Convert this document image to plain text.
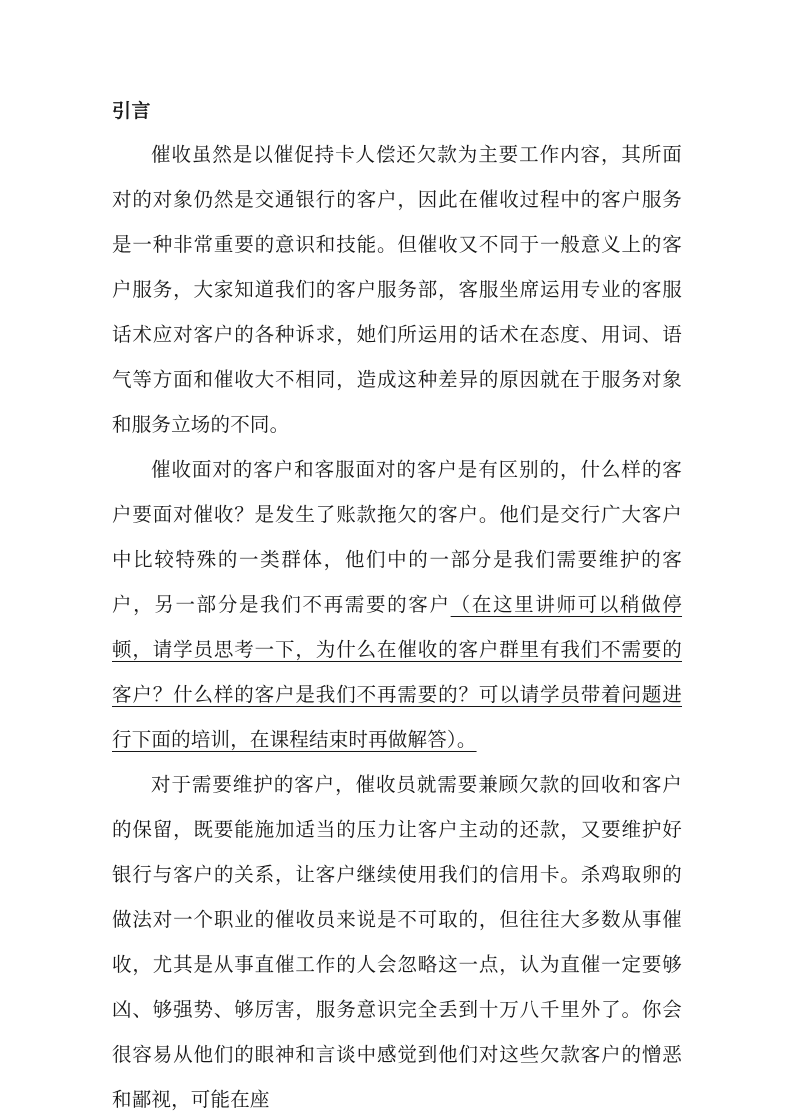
引言

催收虽然是以催促持卡人偿还欠款为主要工作内容，其所面对的对象仍然是交通银行的客户，因此在催收过程中的客户服务是一种非常重要的意识和技能。但催收又不同于一般意义上的客户服务，大家知道我们的客户服务部，客服坐席运用专业的客服话术应对客户的各种诉求，她们所运用的话术在态度、用词、语气等方面和催收大不相同，造成这种差异的原因就在于服务对象和服务立场的不同。

催收面对的客户和客服面对的客户是有区别的，什么样的客户要面对催收？是发生了账款拖欠的客户。他们是交行广大客户中比较特殊的一类群体，他们中的一部分是我们需要维护的客户，另一部分是我们不再需要的客户（在这里讲师可以稍做停顿，请学员思考一下，为什么在催收的客户群里有我们不需要的客户？什么样的客户是我们不再需要的？可以请学员带着问题进行下面的培训，在课程结束时再做解答）。

对于需要维护的客户，催收员就需要兼顾欠款的回收和客户的保留，既要能施加适当的压力让客户主动的还款，又要维护好银行与客户的关系，让客户继续使用我们的信用卡。杀鸡取卵的做法对一个职业的催收员来说是不可取的，但往往大多数从事催收，尤其是从事直催工作的人会忽略这一点，认为直催一定要够凶、够强势、够厉害，服务意识完全丢到十万八千里外了。你会很容易从他们的眼神和言谈中感觉到他们对这些欠款客户的憎恶和鄙视，可能在座
